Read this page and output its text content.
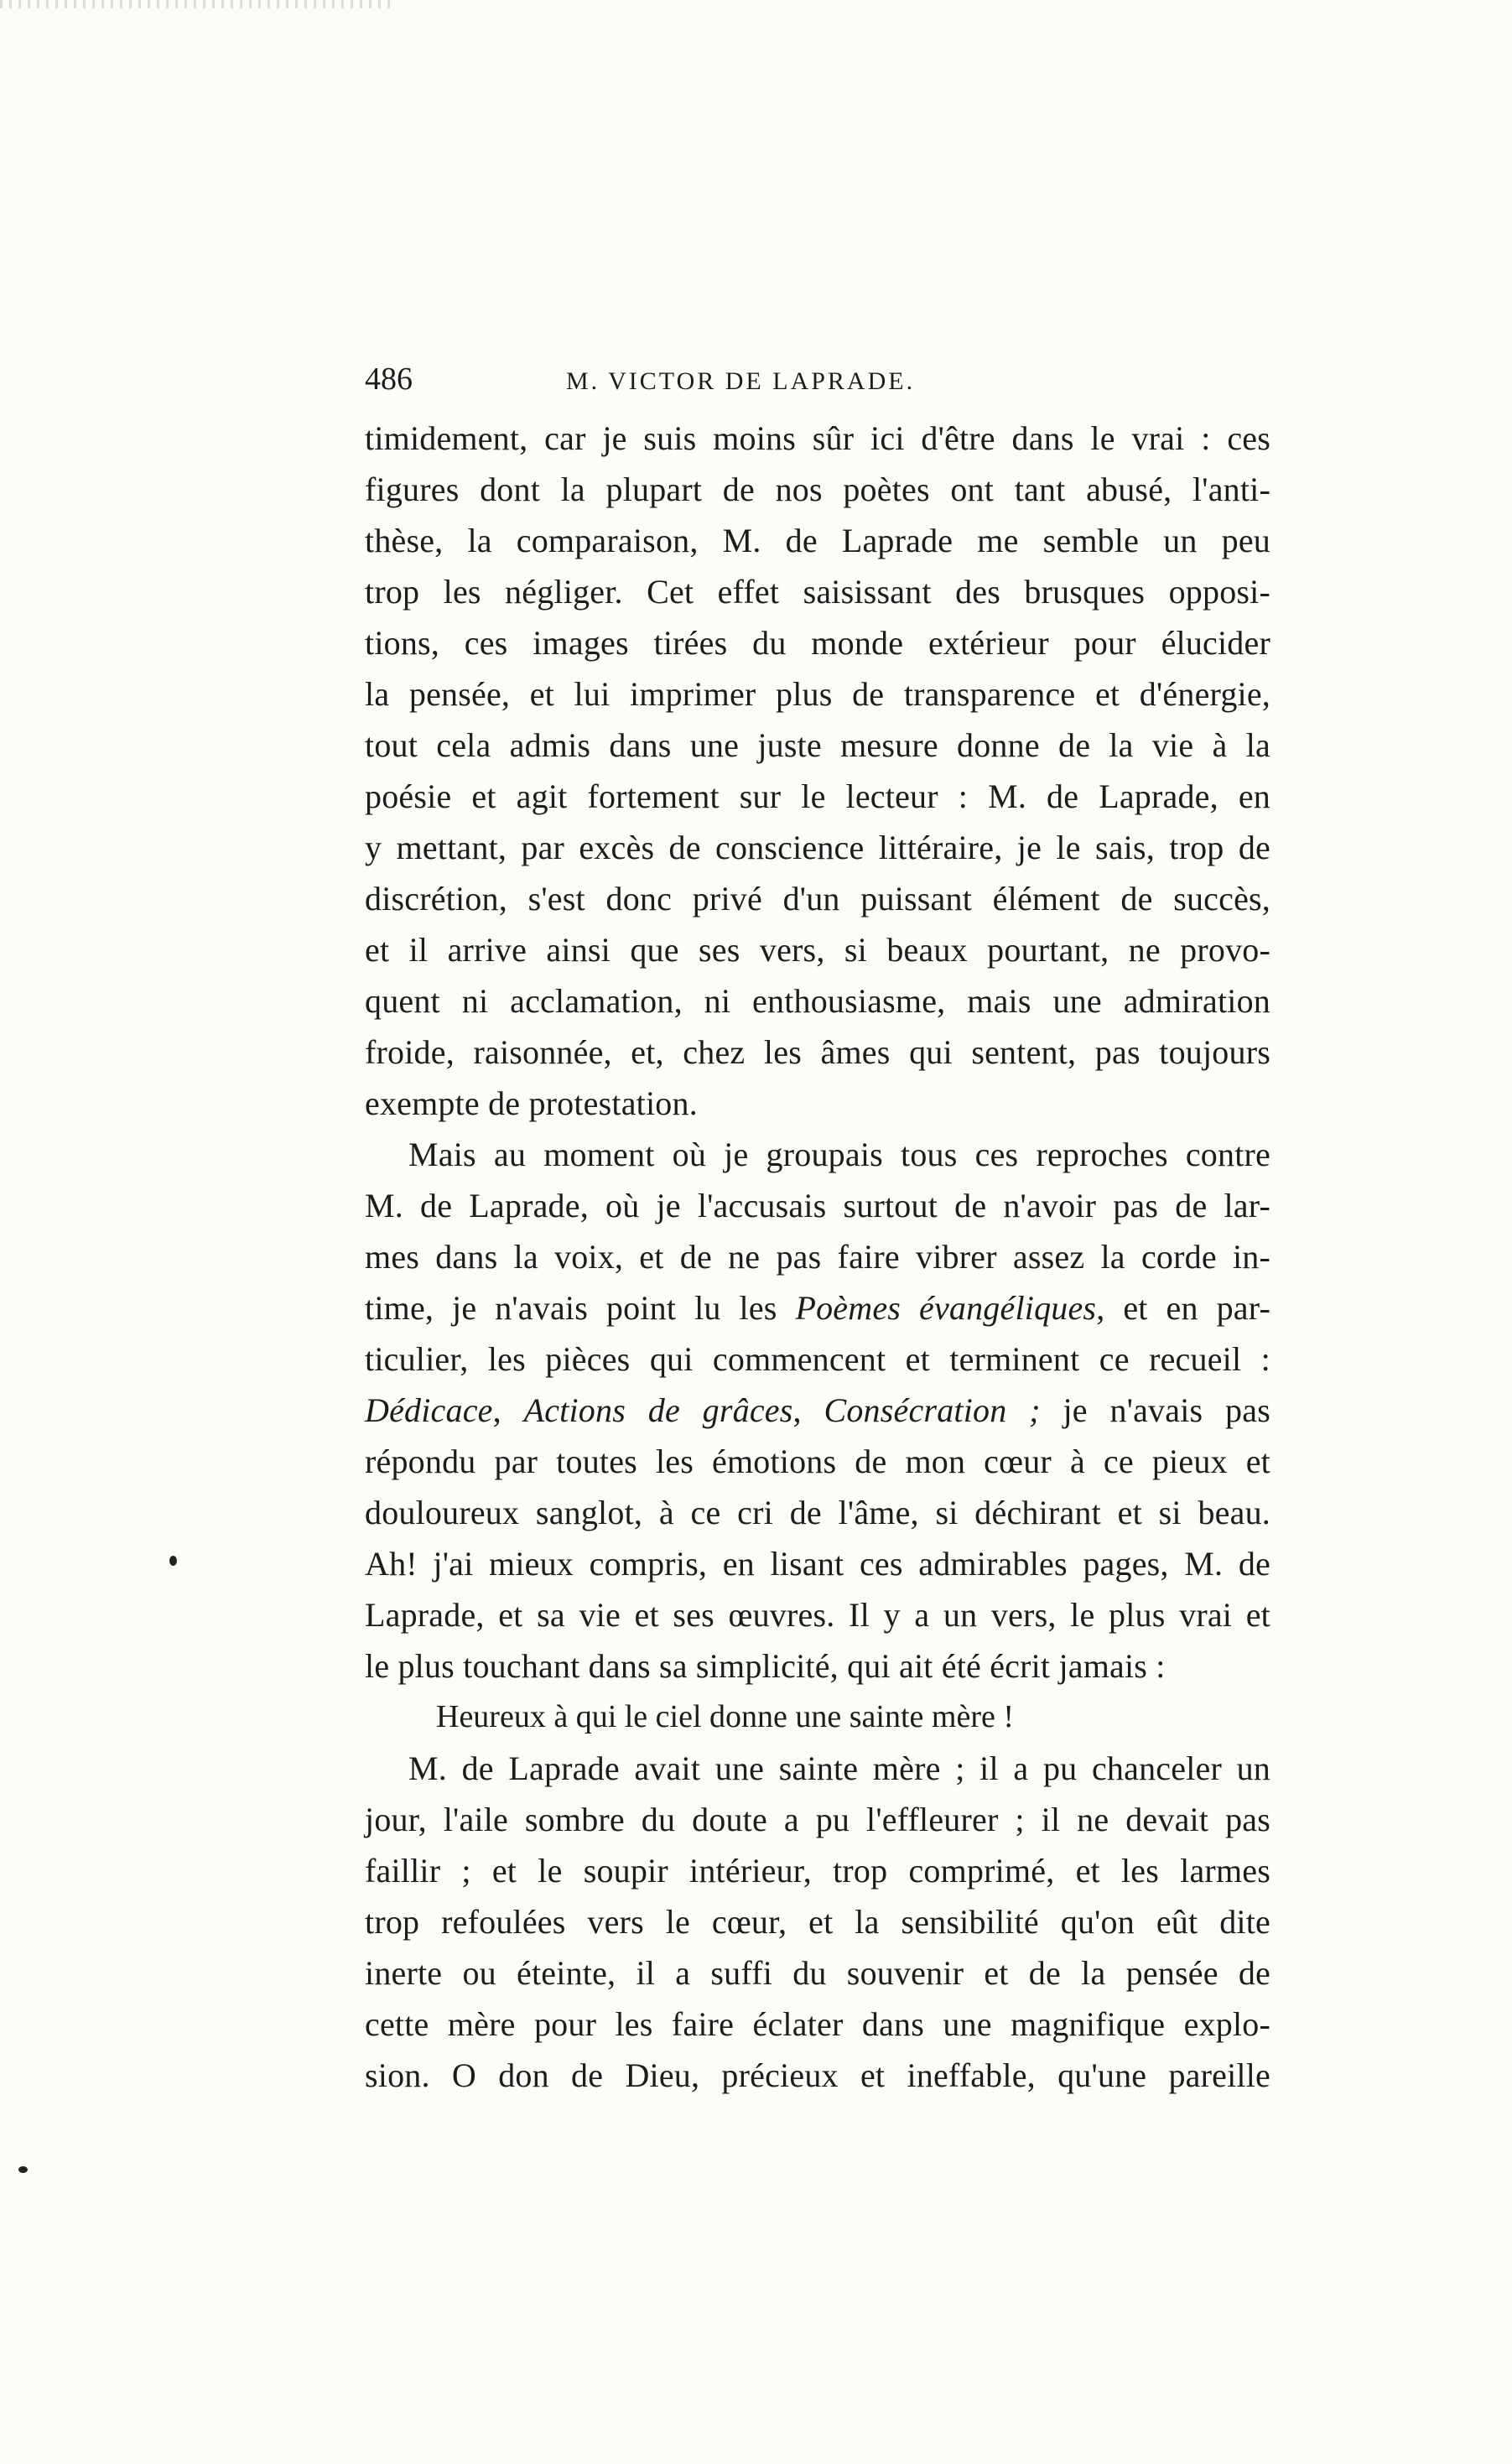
486	M. VICTOR DE LAPRADE.
timidement, car je suis moins sûr ici d'être dans le vrai : ces
figures dont la plupart de nos poètes ont tant abusé, l'anti-
thèse, la comparaison, M. de Laprade me semble un peu
trop les négliger. Cet effet saisissant des brusques opposi-
tions, ces images tirées du monde extérieur pour élucider
la pensée, et lui imprimer plus de transparence et d'énergie,
tout cela admis dans une juste mesure donne de la vie à la
poésie et agit fortement sur le lecteur : M. de Laprade, en
y mettant, par excès de conscience littéraire, je le sais, trop de
discrétion, s'est donc privé d'un puissant élément de succès,
et il arrive ainsi que ses vers, si beaux pourtant, ne provo-
quent ni acclamation, ni enthousiasme, mais une admiration
froide, raisonnée, et, chez les âmes qui sentent, pas toujours
exempte de protestation.
Mais au moment où je groupais tous ces reproches contre
M. de Laprade, où je l'accusais surtout de n'avoir pas de lar-
mes dans la voix, et de ne pas faire vibrer assez la corde in-
time, je n'avais point lu les Poèmes évangéliques, et en par-
ticulier, les pièces qui commencent et terminent ce recueil :
Dédicace, Actions de grâces, Consécration ; je n'avais pas
répondu par toutes les émotions de mon cœur à ce pieux et
douloureux sanglot, à ce cri de l'âme, si déchirant et si beau.
Ah! j'ai mieux compris, en lisant ces admirables pages, M. de
Laprade, et sa vie et ses œuvres. Il y a un vers, le plus vrai et
le plus touchant dans sa simplicité, qui ait été écrit jamais :
Heureux à qui le ciel donne une sainte mère !
M. de Laprade avait une sainte mère ; il a pu chanceler un
jour, l'aile sombre du doute a pu l'effleurer ; il ne devait pas
faillir ; et le soupir intérieur, trop comprimé, et les larmes
trop refoulées vers le cœur, et la sensibilité qu'on eût dite
inerte ou éteinte, il a suffi du souvenir et de la pensée de
cette mère pour les faire éclater dans une magnifique explo-
sion. O don de Dieu, précieux et ineffable, qu'une pareille
